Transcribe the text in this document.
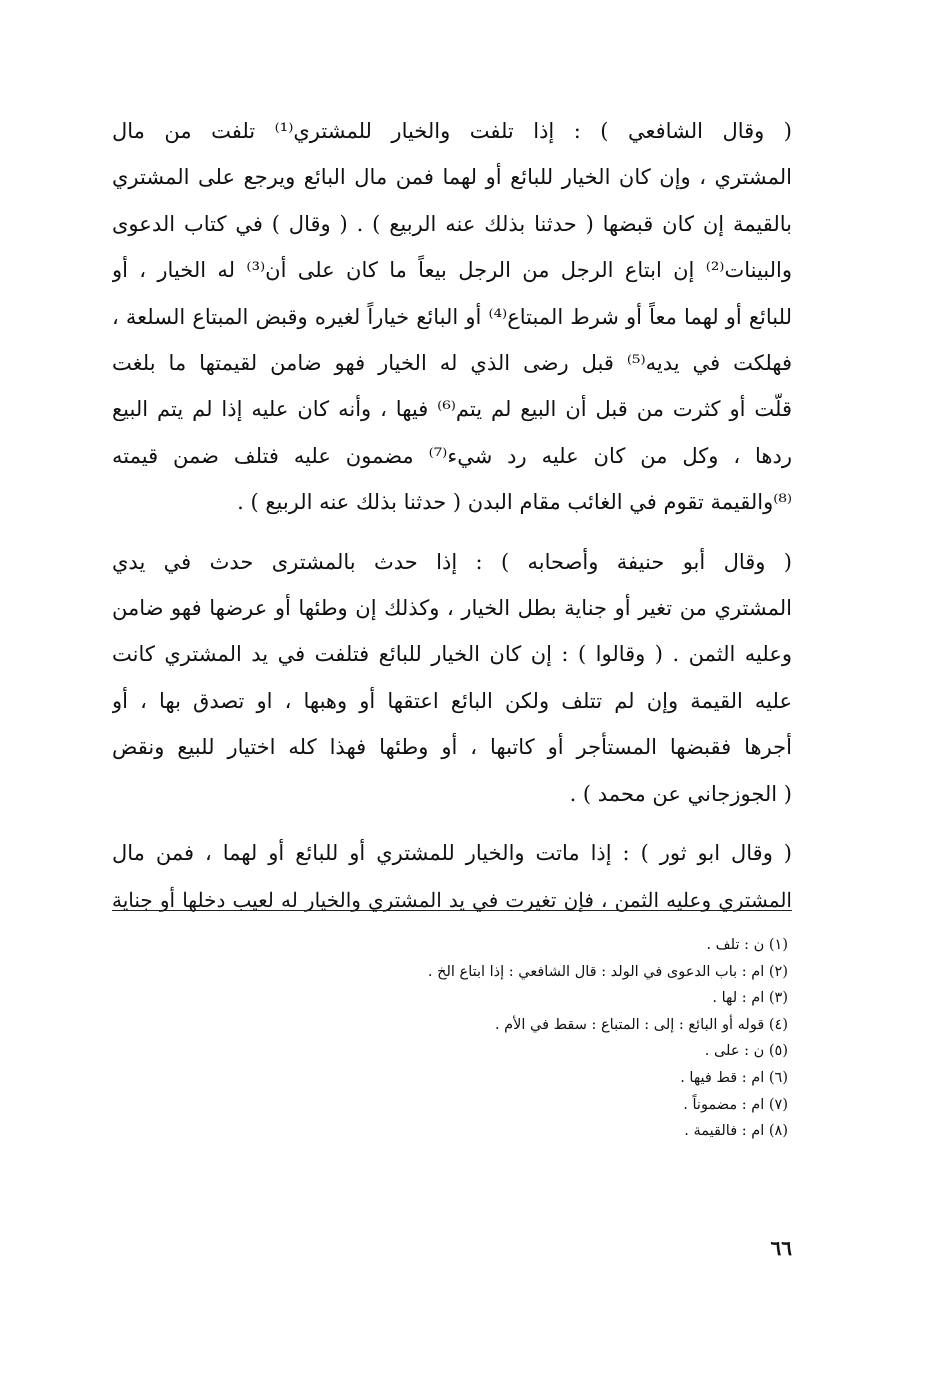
( وقال الشافعي ) : إذا تلفت والخيار للمشتري⁽¹⁾ تلفت من مال
المشتري ، وإن كان الخيار للبائع أو لهما فمن مال البائع ويرجع على المشتري
بالقيمة إن كان قبضها ( حدثنا بذلك عنه الربيع ) . ( وقال ) في كتاب الدعوى
والبينات⁽²⁾ إن ابتاع الرجل من الرجل بيعاً ما كان على أن⁽³⁾ له الخيار ، أو
للبائع أو لهما معاً أو شرط المبتاع⁽⁴⁾ أو البائع خياراً لغيره وقبض المبتاع السلعة ،
فهلكت في يديه⁽⁵⁾ قبل رضى الذي له الخيار فهو ضامن لقيمتها ما بلغت
قلّت أو كثرت من قبل أن البيع لم يتم⁽⁶⁾ فيها ، وأنه كان عليه إذا لم يتم البيع
ردها ، وكل من كان عليه رد شيء⁽⁷⁾ مضمون عليه فتلف ضمن قيمته
⁽⁸⁾والقيمة تقوم في الغائب مقام البدن ( حدثنا بذلك عنه الربيع ) .
( وقال أبو حنيفة وأصحابه ) : إذا حدث بالمشترى حدث في يدي
المشتري من تغير أو جناية بطل الخيار ، وكذلك إن وطئها أو عرضها فهو ضامن
وعليه الثمن . ( وقالوا ) : إن كان الخيار للبائع فتلفت في يد المشتري كانت
عليه القيمة وإن لم تتلف ولكن البائع اعتقها أو وهبها ، او تصدق بها ، أو
أجرها فقبضها المستأجر أو كاتبها ، أو وطئها فهذا كله اختيار للبيع ونقض
( الجوزجاني عن محمد ) .
( وقال ابو ثور ) : إذا ماتت والخيار للمشتري أو للبائع أو لهما ، فمن مال
المشتري وعليه الثمن ، فإن تغيرت في يد المشتري والخيار له لعيب دخلها أو جناية
(١) ن : تلف .
(٢) ام : باب الدعوى في الولد : قال الشافعي : إذا ابتاع الخ .
(٣) ام : لها .
(٤) قوله أو البائع : إلى : المتباع : سقط في الأم .
(٥) ن : على .
(٦) ام : قط فيها .
(٧) ام : مضموناً .
(٨) ام : فالقيمة .
٦٦
